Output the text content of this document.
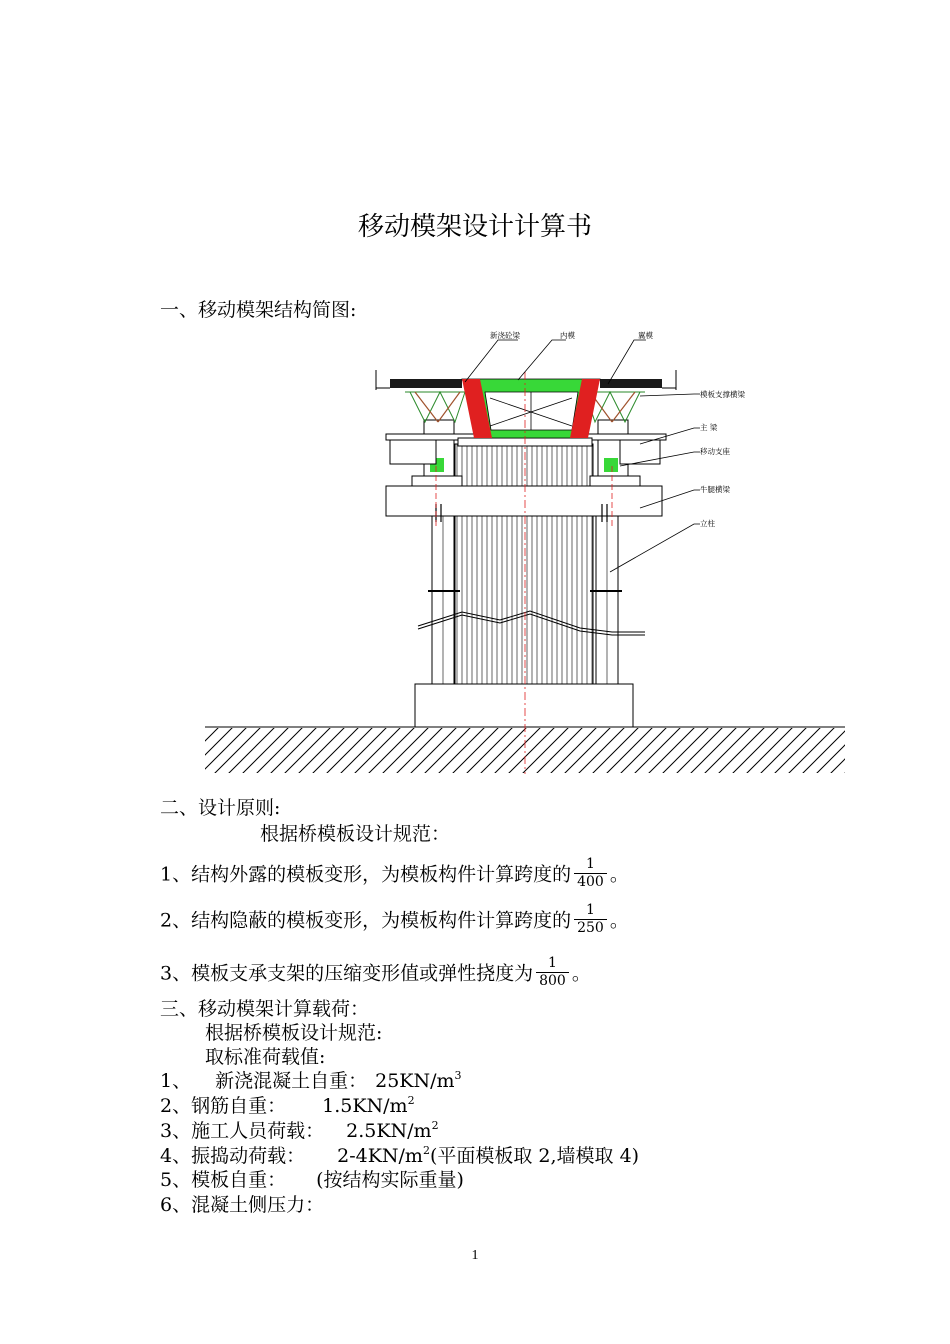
移动模架设计计算书
一、移动模架结构简图:
新浇砼梁	内模	翼模
模板支撑横梁
主 梁
移动支座
牛腿横梁
立柱
二、设计原则:
根据桥模板设计规范：
1、结构外露的模板变形，为模板构件计算跨度的 $\frac{1}{400}$ 。
2、结构隐蔽的模板变形，为模板构件计算跨度的 $\frac{1}{250}$ 。
3、模板支承支架的压缩变形值或弹性挠度为 $\frac{1}{800}$ 。
三、移动模架计算载荷：
根据桥模板设计规范:
取标准荷载值:
1、 新浇混凝土自重： $25KN/m^3$
2、钢筋自重： $1.5KN/m^2$
3、施工人员荷载： $2.5KN/m^2$
4、振捣动荷载： $2-4KN/m^2$(平面模板取 2,墙模取 4)
5、模板自重： (按结构实际重量)
6、混凝土侧压力：
1
